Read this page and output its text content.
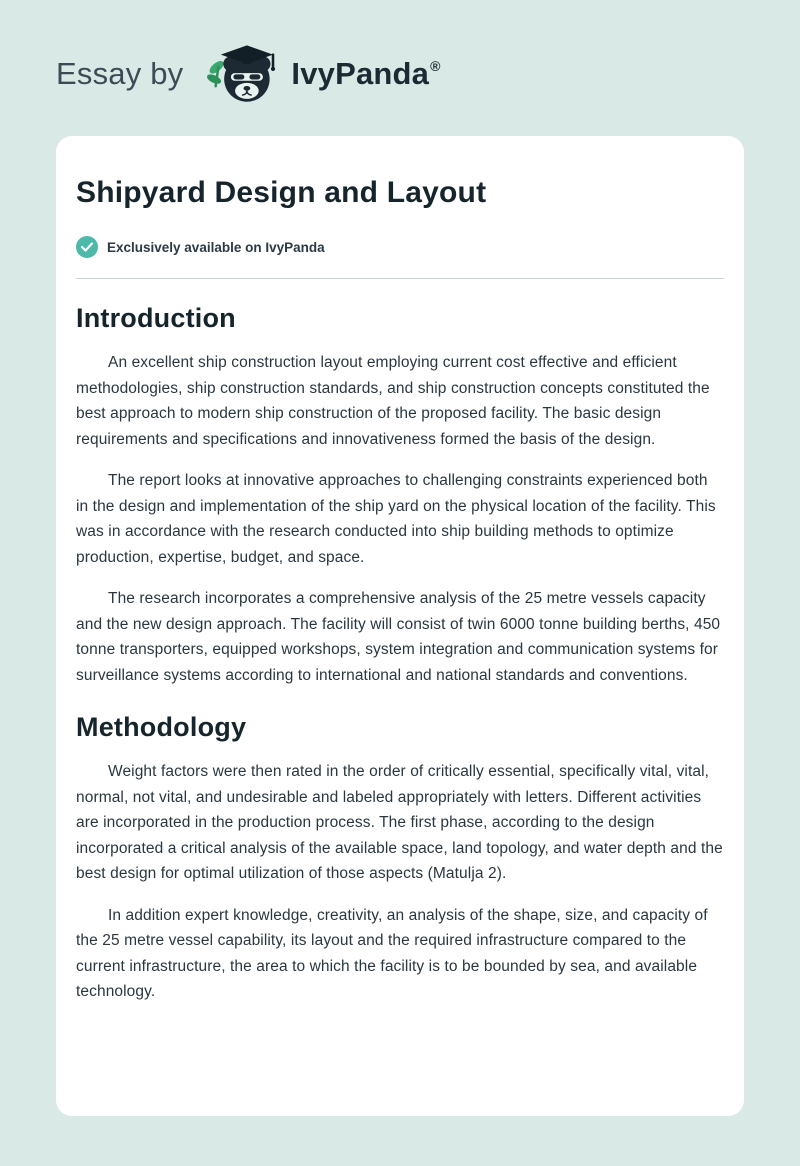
Essay by	IvyPanda ®
Shipyard Design and Layout
Exclusively available on IvyPanda
Introduction

An excellent ship construction layout employing current cost effective and efficient methodologies, ship construction standards, and ship construction concepts constituted the best approach to modern ship construction of the proposed facility. The basic design requirements and specifications and innovativeness formed the basis of the design.

The report looks at innovative approaches to challenging constraints experienced both in the design and implementation of the ship yard on the physical location of the facility. This was in accordance with the research conducted into ship building methods to optimize production, expertise, budget, and space.

The research incorporates a comprehensive analysis of the 25 metre vessels capacity and the new design approach. The facility will consist of twin 6000 tonne building berths, 450 tonne transporters, equipped workshops, system integration and communication systems for surveillance systems according to international and national standards and conventions.

Methodology

Weight factors were then rated in the order of critically essential, specifically vital, vital, normal, not vital, and undesirable and labeled appropriately with letters. Different activities are incorporated in the production process. The first phase, according to the design incorporated a critical analysis of the available space, land topology, and water depth and the best design for optimal utilization of those aspects (Matulja 2).

In addition expert knowledge, creativity, an analysis of the shape, size, and capacity of the 25 metre vessel capability, its layout and the required infrastructure compared to the current infrastructure, the area to which the facility is to be bounded by sea, and available technology.
